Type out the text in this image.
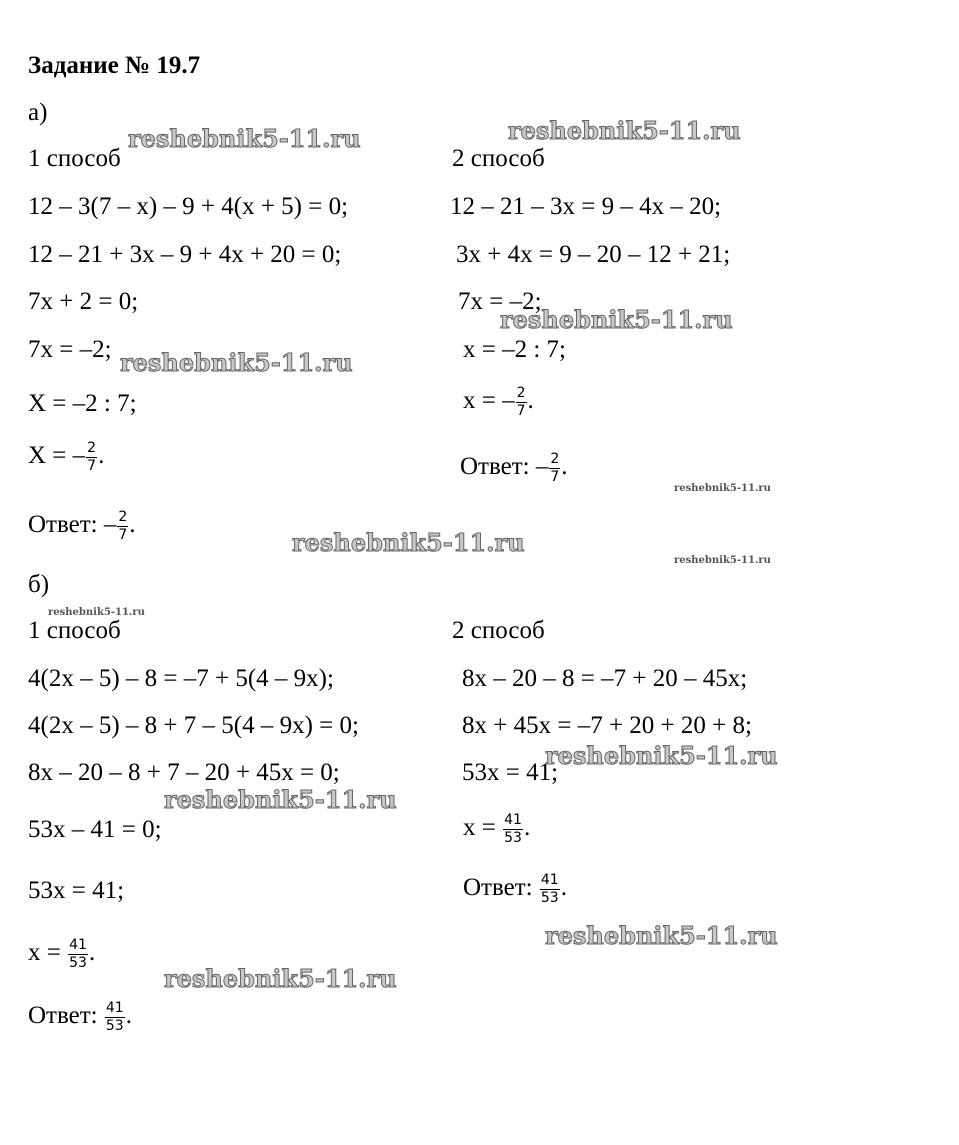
Задание № 19.7
а)
1 способ
12 – 3(7 – x) – 9 + 4(x + 5) = 0;
12 – 21 + 3x – 9 + 4x + 20 = 0;
7x + 2 = 0;
7x = –2;
X = –2 : 7;
X = – $\frac{2}{7}$ .
Ответ: – $\frac{2}{7}$ .
2 способ
12 – 21 – 3x = 9 – 4x – 20;
3x + 4x = 9 – 20 – 12 + 21;
7x = –2;
x = –2 : 7;
x = – $\frac{2}{7}$ .
Ответ: – $\frac{2}{7}$ .
б)
1 способ
4(2x – 5) – 8 = –7 + 5(4 – 9x);
4(2x – 5) – 8 + 7 – 5(4 – 9x) = 0;
8x – 20 – 8 + 7 – 20 + 45x = 0;
53x – 41 = 0;
53x = 41;
$x = \frac{41}{53}$ .
Ответ: $\frac{41}{53}$ .
2 способ
8x – 20 – 8 = –7 + 20 – 45x;
8x + 45x = –7 + 20 + 20 + 8;
53x = 41;
$x = \frac{41}{53}$ .
Ответ: $\frac{41}{53}$ .
reshebnik5-11.ru	reshebnik5-11.ru
reshebnik5-11.ru
reshebnik5-11.ru
reshebnik5-11.ru
reshebnik5-11.ru
reshebnik5-11.ru
reshebnik5-11.ru
reshebnik5-11.ru
reshebnik5-11.ru
reshebnik5-11.ru
reshebnik5-11.ru
